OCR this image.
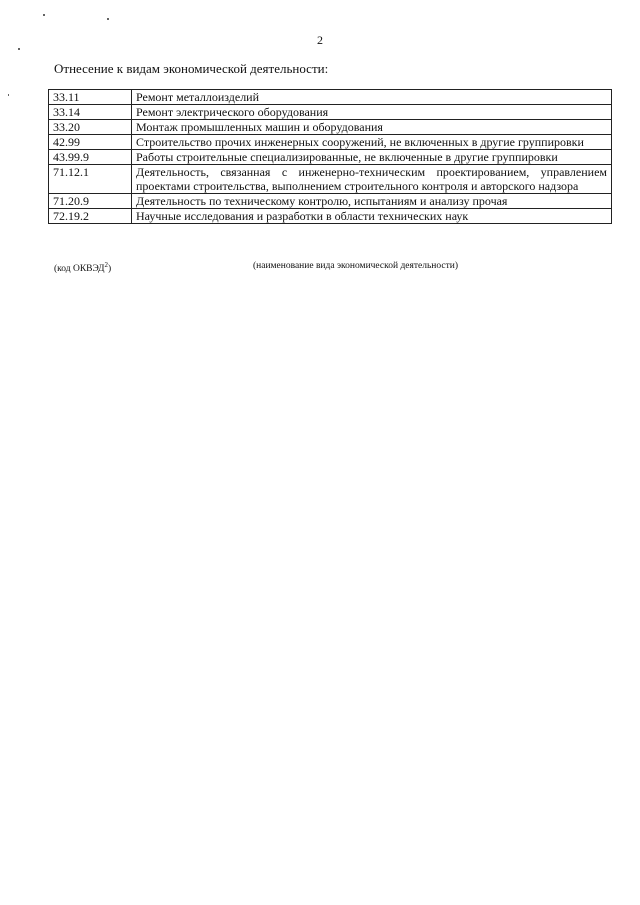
2
Отнесение к видам экономической деятельности:
33.11	Ремонт металлоизделий
33.14	Ремонт электрического оборудования
33.20	Монтаж промышленных машин и оборудования
42.99	Строительство прочих инженерных сооружений, не включенных в другие группировки
43.99.9	Работы строительные специализированные, не включенные в другие группировки
71.12.1	Деятельность, связанная с инженерно-техническим проектированием, управлением проектами строительства, выполнением строительного контроля и авторского надзора
71.20.9	Деятельность по техническому контролю, испытаниям и анализу прочая
72.19.2	Научные исследования и разработки в области технических наук
(код ОКВЭД$^2$)	(наименование вида экономической деятельности)
